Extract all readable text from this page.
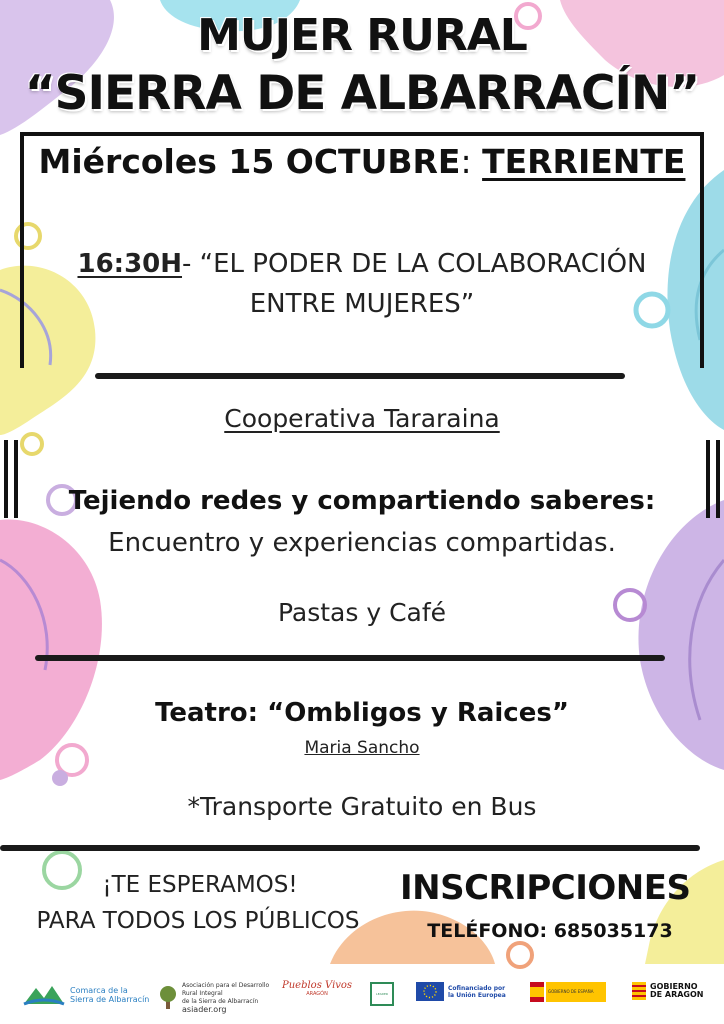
MUJER RURAL
“SIERRA DE ALBARRACÍN”
Miércoles 15 OCTUBRE: TERRIENTE
16:30H- “EL PODER DE LA COLABORACIÓN
ENTRE MUJERES”
Cooperativa Tararaina
Tejiendo redes y compartiendo saberes:
Encuentro y experiencias compartidas.
Pastas y Café
Teatro: “Ombligos y Raices”
Maria Sancho
*Transporte Gratuito en Bus
¡TE ESPERAMOS!
PARA TODOS LOS PÚBLICOS
INSCRIPCIONES
TELÉFONO: 685035173
Comarca de la
Sierra de Albarracín
Asociación para el Desarrollo
Rural Integral
de la Sierra de Albarracín
asiader.org
Pueblos Vivos
ARAGÓN	LEADER
Cofinanciado por
la Unión Europea	GOBIERNO DE ESPAÑA
GOBIERNO
DE ARAGON
